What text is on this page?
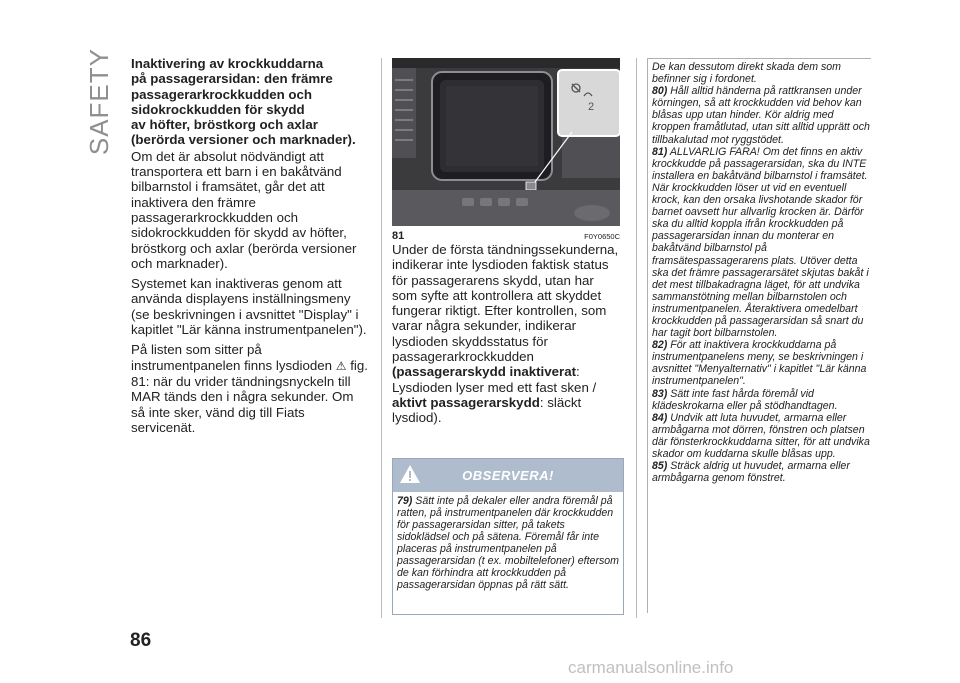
SAFETY Inaktivering av krockkuddarna
på passagerarsidan: den främre
passagerarkrockkudden och
sidokrockkudden för skydd
av höfter, bröstkorg och axlar
(berörda versioner och marknader).

Om det är absolut nödvändigt att transportera ett barn i en bakåtvänd bilbarnstol i framsätet, går det att inaktivera den främre passagerarkrockkudden och sidokrockkudden för skydd av höfter, bröstkorg och axlar (berörda versioner och marknader).

Systemet kan inaktiveras genom att använda displayens inställningsmeny (se beskrivningen i avsnittet "Display" i kapitlet "Lär känna instrumentpanelen").

På listen som sitter på instrumentpanelen finns lysdioden ⚠ fig. 81: när du vrider tändningsnyckeln till MAR tänds den i några sekunder. Om så inte sker, vänd dig till Fiats servicenät.

2
81	F0Y0650C

Under de första tändningssekunderna, indikerar inte lysdioden faktisk status för passagerarens skydd, utan har som syfte att kontrollera att skyddet fungerar riktigt. Efter kontrollen, som varar några sekunder, indikerar lysdioden skyddsstatus för passagerarkrockkudden (passagerarskydd inaktiverat: Lysdioden lyser med ett fast sken / aktivt passagerarskydd: släckt lysdiod).

OBSERVERA!
79) Sätt inte på dekaler eller andra föremål på ratten, på instrumentpanelen där krockkudden för passagerarsidan sitter, på takets sidoklädsel och på sätena. Föremål får inte placeras på instrumentpanelen på passagerarsidan (t ex. mobiltelefoner) eftersom de kan förhindra att krockkudden på passagerarsidan öppnas på rätt sätt.

De kan dessutom direkt skada dem som befinner sig i fordonet.

80) Håll alltid händerna på rattkransen under körningen, så att krockkudden vid behov kan blåsas upp utan hinder. Kör aldrig med kroppen framåtlutad, utan sitt alltid upprätt och tillbakalutad mot ryggstödet.

81) ALLVARLIG FARA! Om det finns en aktiv krockkudde på passagerarsidan, ska du INTE installera en bakåtvänd bilbarnstol i framsätet. När krockkudden löser ut vid en eventuell krock, kan den orsaka livshotande skador för barnet oavsett hur allvarlig krocken är. Därför ska du alltid koppla ifrån krockkudden på passagerarsidan innan du monterar en bakåtvänd bilbarnstol på framsätespassagerarens plats. Utöver detta ska det främre passagerarsätet skjutas bakåt i det mest tillbakadragna läget, för att undvika sammanstötning mellan bilbarnstolen och instrumentpanelen. Återaktivera omedelbart krockkudden på passagerarsidan så snart du har tagit bort bilbarnstolen.

82) För att inaktivera krockkuddarna på instrumentpanelens meny, se beskrivningen i avsnittet "Menyalternativ" i kapitlet "Lär känna instrumentpanelen".

83) Sätt inte fast hårda föremål vid klädeskrokarna eller på stödhandtagen.

84) Undvik att luta huvudet, armarna eller armbågarna mot dörren, fönstren och platsen där fönsterkrockkuddarna sitter, för att undvika skador om kuddarna skulle blåsas upp.

85) Sträck aldrig ut huvudet, armarna eller armbågarna genom fönstret.

86
carmanualsonline.info
